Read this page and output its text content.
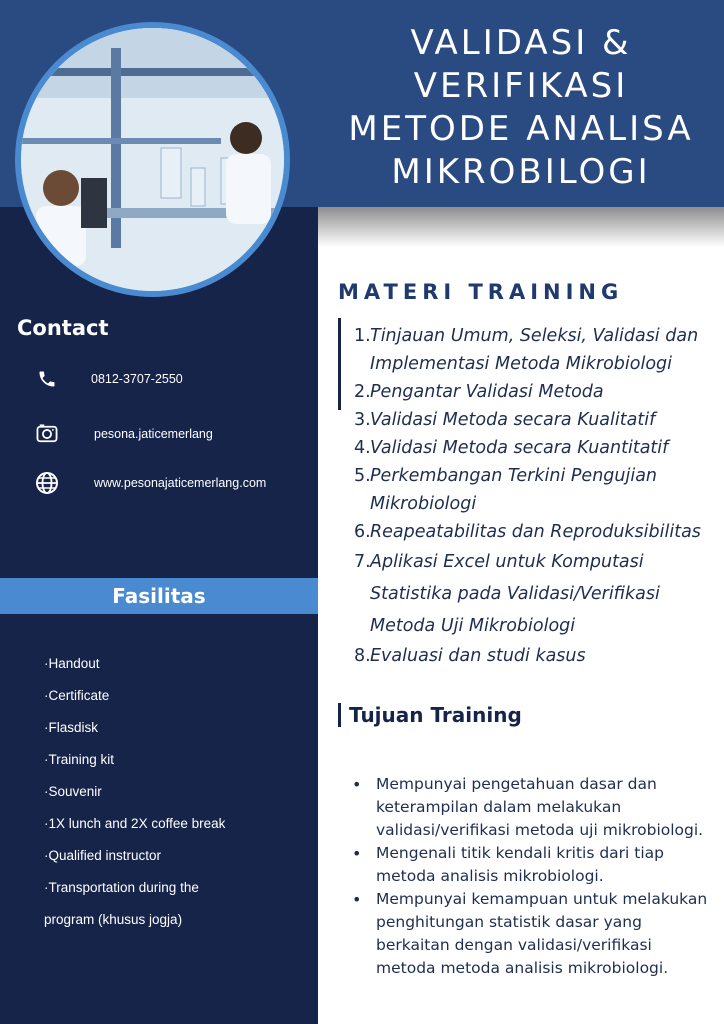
VALIDASI &
VERIFIKASI
METODE ANALISA
MIKROBILOGI
Contact
0812-3707-2550
pesona.jaticemerlang
www.pesonajaticemerlang.com
Fasilitas
·Handout
·Certificate
·Flasdisk
·Training kit
·Souvenir
·1X lunch and 2X coffee break
·Qualified instructor
·Transportation during the program (khusus jogja)
MATERI TRAINING
1. Tinjauan Umum, Seleksi, Validasi dan Implementasi Metoda Mikrobiologi
2. Pengantar Validasi Metoda
3. Validasi Metoda secara Kualitatif
4. Validasi Metoda secara Kuantitatif
5. Perkembangan Terkini Pengujian Mikrobiologi
6. Reapeatabilitas dan Reproduksibilitas
7. Aplikasi Excel untuk Komputasi Statistika pada Validasi/Verifikasi Metoda Uji Mikrobiologi
8. Evaluasi dan studi kasus
Tujuan Training
• Mempunyai pengetahuan dasar dan keterampilan dalam melakukan validasi/verifikasi metoda uji mikrobiologi.
• Mengenali titik kendali kritis dari tiap metoda analisis mikrobiologi.
• Mempunyai kemampuan untuk melakukan penghitungan statistik dasar yang berkaitan dengan validasi/verifikasi metoda metoda analisis mikrobiologi.
